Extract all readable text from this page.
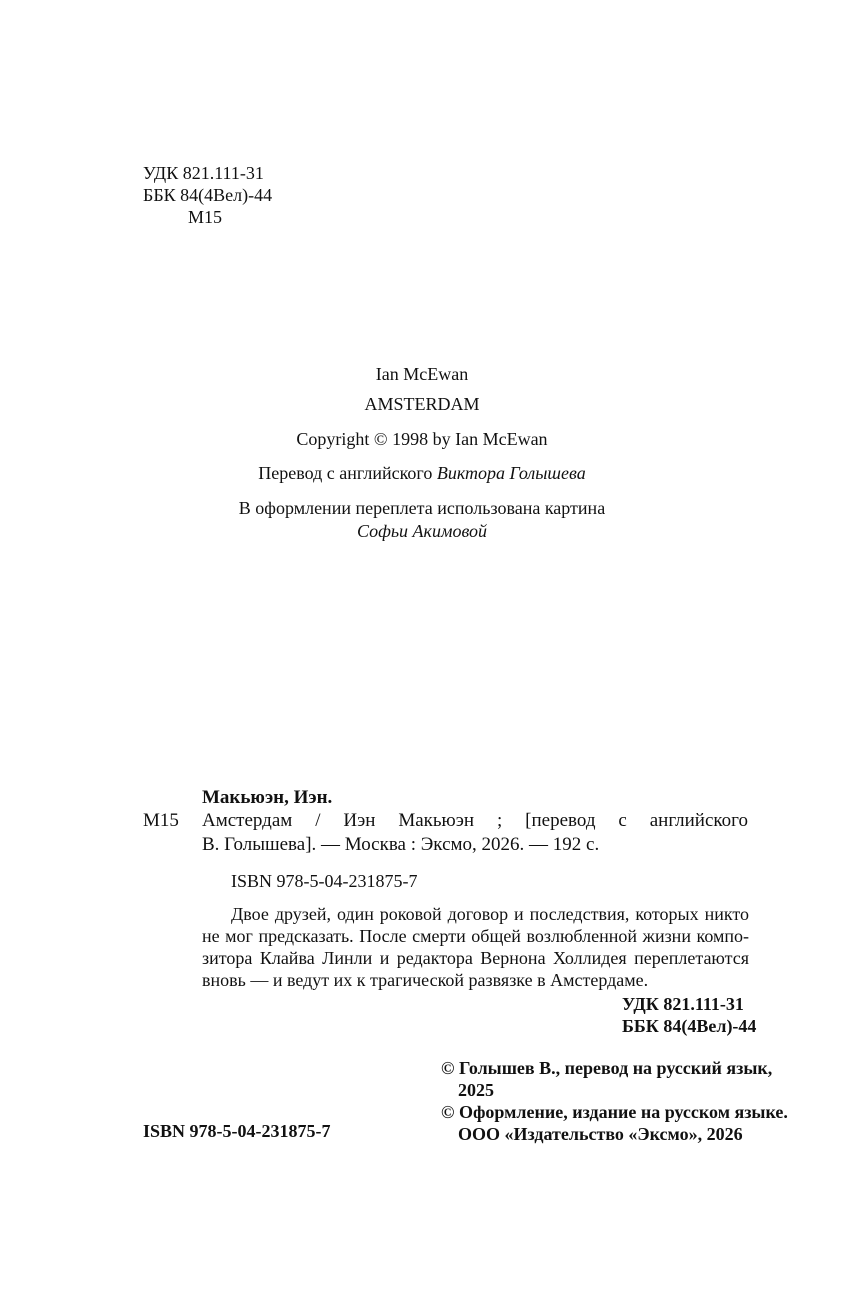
УДК 821.111-31
ББК 84(4Вел)-44
М15
Ian McEwan
AMSTERDAM
Copyright © 1998 by Ian McEwan
Перевод с английского Виктора Голышева
В оформлении переплета использована картина
Софьи Акимовой
Макьюэн, Иэн.
М15 Амстердам / Иэн Макьюэн ; [перевод с английского
В. Голышева]. — Москва : Эксмо, 2026. — 192 с.
ISBN 978-5-04-231875-7
Двое друзей, один роковой договор и последствия, которых никто
не мог предсказать. После смерти общей возлюбленной жизни компо-
зитора Клайва Линли и редактора Вернона Холлидея переплетаются
вновь — и ведут их к трагической развязке в Амстердаме.
УДК 821.111-31
ББК 84(4Вел)-44
© Голышев В., перевод на русский язык,
2025
© Оформление, издание на русском языке.
ISBN 978-5-04-231875-7	ООО «Издательство «Эксмо», 2026
